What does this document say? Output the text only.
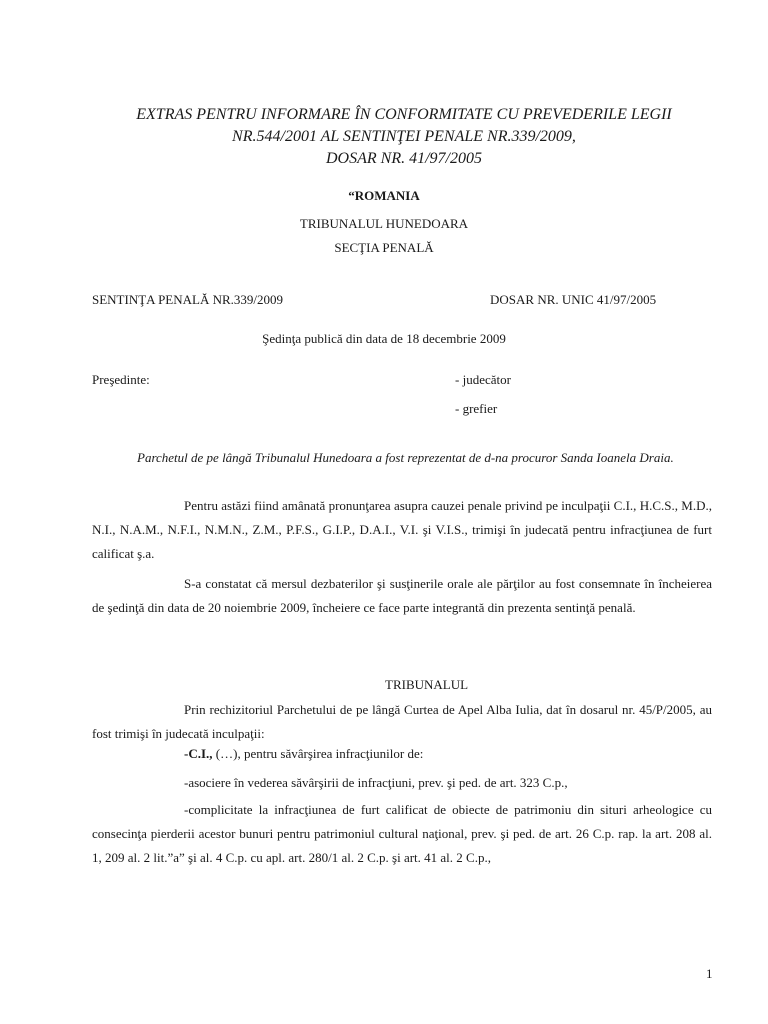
EXTRAS PENTRU INFORMARE ÎN CONFORMITATE CU PREVEDERILE LEGII
NR.544/2001 AL SENTINŢEI PENALE NR.339/2009,
DOSAR NR. 41/97/2005
“ROMANIA
TRIBUNALUL HUNEDOARA
SECŢIA PENALĂ
SENTINŢA PENALĂ NR.339/2009	DOSAR NR. UNIC 41/97/2005
Şedinţa publică din data de 18 decembrie 2009
Preşedinte:	- judecător
- grefier
Parchetul de pe lângă Tribunalul Hunedoara a fost reprezentat de d-na procuror Sanda Ioanela Draia.
Pentru astăzi fiind amânată pronunţarea asupra cauzei penale privind pe inculpaţii C.I., H.C.S., M.D., N.I., N.A.M., N.F.I., N.M.N., Z.M., P.F.S., G.I.P., D.A.I., V.I. şi V.I.S., trimişi în judecată pentru infracţiunea de furt calificat ş.a.
S-a constatat că mersul dezbaterilor şi susţinerile orale ale părţilor au fost consemnate în încheierea de şedinţă din data de 20 noiembrie 2009, încheiere ce face parte integrantă din prezenta sentinţă penală.
TRIBUNALUL
Prin rechizitoriul Parchetului de pe lângă Curtea de Apel Alba Iulia, dat în dosarul nr. 45/P/2005, au fost trimişi în judecată inculpaţii:
-C.I., (…), pentru săvârşirea infracţiunilor de:
-asociere în vederea săvârşirii de infracţiuni, prev. şi ped. de art. 323 C.p.,
-complicitate la infracţiunea de furt calificat de obiecte de patrimoniu din situri arheologice cu consecinţa pierderii acestor bunuri pentru patrimoniul cultural naţional, prev. şi ped. de art. 26 C.p. rap. la art. 208 al. 1, 209 al. 2 lit.”a” şi al. 4 C.p. cu apl. art. 280/1 al. 2 C.p. şi art. 41 al. 2 C.p.,
1
